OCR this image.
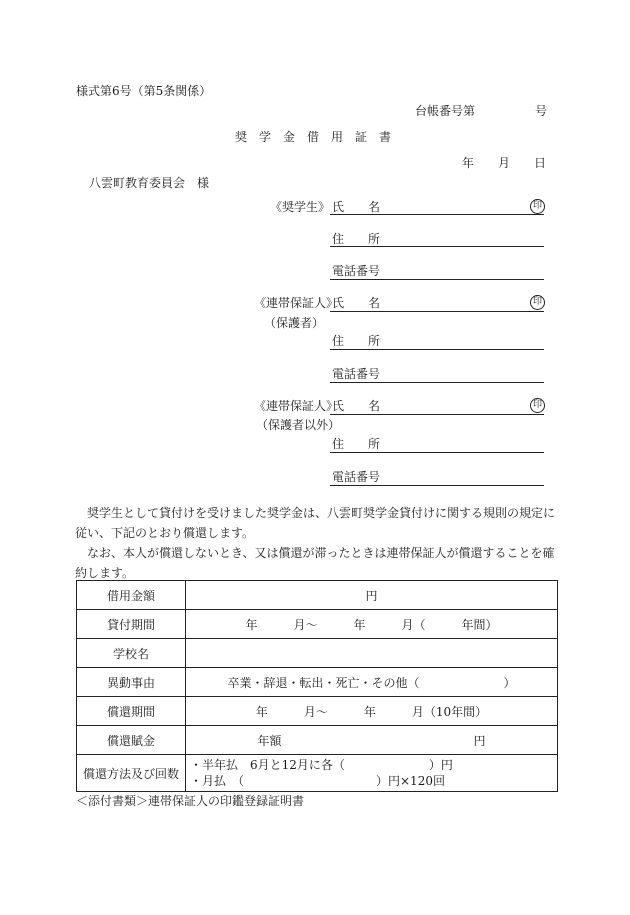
様式第6号（第5条関係）
台帳番号第　　　　　号
奨　学　金　借　用　証　書
年　　月　　日
八雲町教育委員会　様
《奨学生》 氏　　名	印
住　　所
電話番号
《連帯保証人》
氏　　名	印
（保護者）
住　　所
電話番号
《連帯保証人》
氏　　名	印
（保護者以外）
住　　所
電話番号
奨学生として貸付けを受けました奨学金は、八雲町奨学金貸付けに関する規則の規定に
従い、下記のとおり償還します。
なお、本人が償還しないとき、又は償還が滞ったときは連帯保証人が償還することを確
約します。
借用金額	円
貸付期間	年　　　月～　　　年　　　月（　　　年間）
学校名	
異動事由	卒業・辞退・転出・死亡・その他（　　　　　　　）
償還期間	年　　　月～　　　年　　　月（10年間）
償還賦金	年額　　　　　　　　　　　　　　　　円
償還方法及び回数	・半年払　6月と12月に各（　　　　　　　）円
・月払　（　　　　　　　　　　　）円×120回
＜添付書類＞連帯保証人の印鑑登録証明書
